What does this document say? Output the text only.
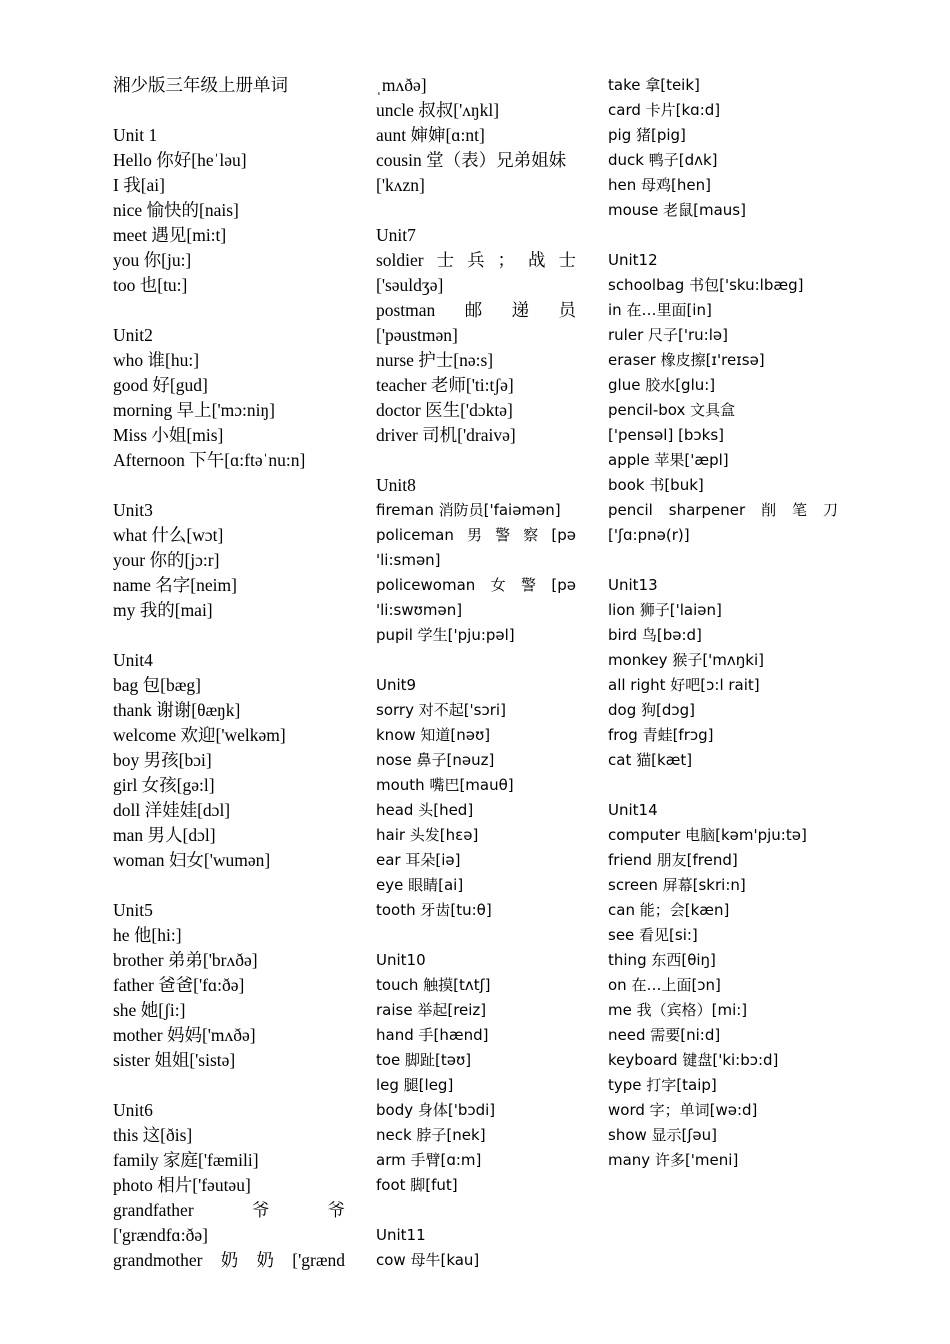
湘少版三年级上册单词
Unit 1
Hello 你好[heˈləu]
I 我[ai]
nice 愉快的[nais]
meet 遇见[mi:t]
you 你[ju:]
too 也[tu:]
Unit2
who 谁[hu:]
good 好[gud]
morning 早上['mɔ:niŋ]
Miss 小姐[mis]
Afternoon 下午[ɑ:ftəˈnu:n]
Unit3
what 什么[wɔt]
your 你的[jɔ:r]
name 名字[neim]
my 我的[mai]
Unit4
bag 包[bæg]
thank 谢谢[θæŋk]
welcome 欢迎['welkəm]
boy 男孩[bɔi]
girl 女孩[gə:l]
doll 洋娃娃[dɔl]
man 男人[dɔl]
woman 妇女['wumən]
Unit5
he 他[hi:]
brother 弟弟['brʌðə]
father 爸爸['fɑ:ðə]
she 她[ʃi:]
mother 妈妈['mʌðə]
sister 姐姐['sistə]
Unit6
this 这[ðis]
family 家庭['fæmili]
photo 相片['fəutəu]
grandfather	爷	爷
['grændfɑ:ðə]
grandmother 奶 奶 ['grænd
ˌmʌðə]
uncle 叔叔['ʌŋkl]
aunt 婶婶[ɑ:nt]
cousin 堂（表）兄弟姐妹
['kʌzn]
Unit7
soldier 士 兵 ； 战 士
['səuldʒə]
postman 邮 递 员
['pəustmən]
nurse 护士[nə:s]
teacher 老师['ti:tʃə]
doctor 医生['dɔktə]
driver 司机['draivə]
Unit8
fireman 消防员['faiəmən]
policeman 男 警 察 [pə
'li:smən]
policewoman 女 警 [pə
'li:swʊmən]
pupil 学生['pju:pəl]
Unit9
sorry 对不起['sɔri]
know 知道[nəʊ]
nose 鼻子[nəuz]
mouth 嘴巴[mauθ]
head 头[hed]
hair 头发[hɛə]
ear 耳朵[iə]
eye 眼睛[ai]
tooth 牙齿[tu:θ]
Unit10
touch 触摸[tʌtʃ]
raise 举起[reiz]
hand 手[hænd]
toe 脚趾[təʊ]
leg 腿[leg]
body 身体['bɔdi]
neck 脖子[nek]
arm 手臂[ɑ:m]
foot 脚[fut]
Unit11
cow 母牛[kau]
take 拿[teik]
card 卡片[kɑ:d]
pig 猪[pig]
duck 鸭子[dʌk]
hen 母鸡[hen]
mouse 老鼠[maus]
Unit12
schoolbag 书包['sku:lbæg]
in 在…里面[in]
ruler 尺子['ru:lə]
eraser 橡皮擦[ɪ'reɪsə]
glue 胶水[glu:]
pencil-box 文具盒
['pensəl] [bɔks]
apple 苹果['æpl]
book 书[buk]
pencil sharpener 削 笔 刀
['ʃɑ:pnə(r)]
Unit13
lion 狮子['laiən]
bird 鸟[bə:d]
monkey 猴子['mʌŋki]
all right 好吧[ɔ:l rait]
dog 狗[dɔg]
frog 青蛙[frɔg]
cat 猫[kæt]
Unit14
computer 电脑[kəm'pju:tə]
friend 朋友[frend]
screen 屏幕[skri:n]
can 能；会[kæn]
see 看见[si:]
thing 东西[θiŋ]
on 在…上面[ɔn]
me 我（宾格）[mi:]
need 需要[ni:d]
keyboard 键盘['ki:bɔ:d]
type 打字[taip]
word 字；单词[wə:d]
show 显示[ʃəu]
many 许多['meni]
